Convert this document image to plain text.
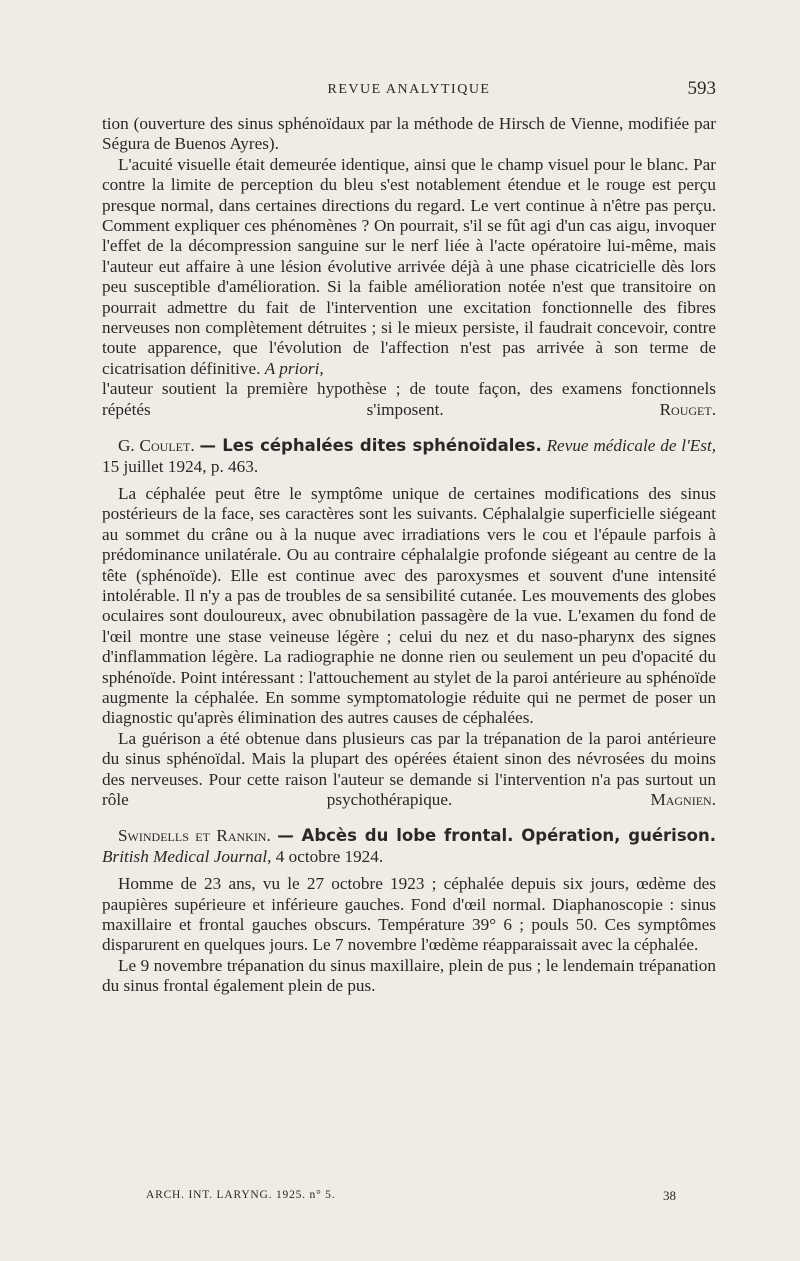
REVUE ANALYTIQUE	593

tion (ouverture des sinus sphénoïdaux par la méthode de Hirsch de Vienne, modifiée par Ségura de Buenos Ayres).

L'acuité visuelle était demeurée identique, ainsi que le champ visuel pour le blanc. Par contre la limite de perception du bleu s'est notablement étendue et le rouge est perçu presque normal, dans certaines directions du regard. Le vert continue à n'être pas perçu. Comment expliquer ces phénomènes ? On pourrait, s'il se fût agi d'un cas aigu, invoquer l'effet de la décompression sanguine sur le nerf liée à l'acte opératoire lui-même, mais l'auteur eut affaire à une lésion évolutive arrivée déjà à une phase cicatricielle dès lors peu susceptible d'amélioration. Si la faible amélioration notée n'est que transitoire on pourrait admettre du fait de l'intervention une excitation fonctionnelle des fibres nerveuses non complètement détruites ; si le mieux persiste, il faudrait concevoir, contre toute apparence, que l'évolution de l'affection n'est pas arrivée à son terme de cicatrisation définitive. A priori,

l'auteur soutient la première hypothèse ; de toute façon, des examens fonctionnels répétés s'imposent.	Rouget.

G. Coulet. — Les céphalées dites sphénoïdales. Revue médicale de l'Est, 15 juillet 1924, p. 463.

La céphalée peut être le symptôme unique de certaines modifications des sinus postérieurs de la face, ses caractères sont les suivants. Céphalalgie superficielle siégeant au sommet du crâne ou à la nuque avec irradiations vers le cou et l'épaule parfois à prédominance unilatérale. Ou au contraire céphalalgie profonde siégeant au centre de la tête (sphénoïde). Elle est continue avec des paroxysmes et souvent d'une intensité intolérable. Il n'y a pas de troubles de sa sensibilité cutanée. Les mouvements des globes oculaires sont douloureux, avec obnubilation passagère de la vue. L'examen du fond de l'œil montre une stase veineuse légère ; celui du nez et du naso-pharynx des signes d'inflammation légère. La radiographie ne donne rien ou seulement un peu d'opacité du sphénoïde. Point intéressant : l'attouchement au stylet de la paroi antérieure au sphénoïde augmente la céphalée. En somme symptomatologie réduite qui ne permet de poser un diagnostic qu'après élimination des autres causes de céphalées.

La guérison a été obtenue dans plusieurs cas par la trépanation de la paroi antérieure du sinus sphénoïdal. Mais la plupart des opérées étaient sinon des névrosées du moins des nerveuses. Pour cette raison l'auteur se demande si l'intervention n'a pas surtout un rôle psychothérapique.	Magnien.

Swindells et Rankin. — Abcès du lobe frontal. Opération, guérison. British Medical Journal, 4 octobre 1924.

Homme de 23 ans, vu le 27 octobre 1923 ; céphalée depuis six jours, œdème des paupières supérieure et inférieure gauches. Fond d'œil normal. Diaphanoscopie : sinus maxillaire et frontal gauches obscurs. Température 39° 6 ; pouls 50. Ces symptômes disparurent en quelques jours. Le 7 novembre l'œdème réapparaissait avec la céphalée.

Le 9 novembre trépanation du sinus maxillaire, plein de pus ; le lendemain trépanation du sinus frontal également plein de pus.

ARCH. INT. LARYNG. 1925. n° 5.	38
